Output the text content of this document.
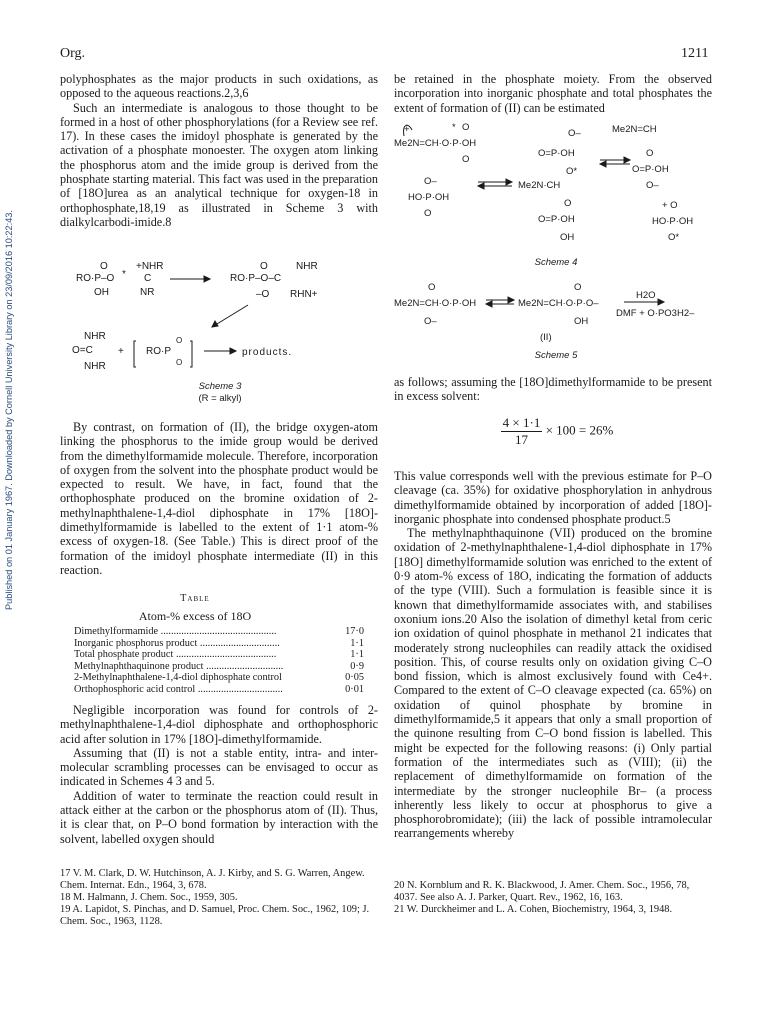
Org.	1211
Published on 01 January 1967. Downloaded by Cornell University Library on 23/09/2016 10:22:43.

polyphosphates as the major products in such oxidations, as opposed to the aqueous reactions.2,3,6

Such an intermediate is analogous to those thought to be formed in a host of other phosphorylations (for a Review see ref. 17). In these cases the imidoyl phosphate is generated by the activation of a phosphate monoester. The oxygen atom linking the phosphorus atom and the imide group is derived from the phosphate starting material. This fact was used in the preparation of [18O]urea as an analytical technique for oxygen-18 in orthophosphate,18,19 as illustrated in Scheme 3 with dialkylcarbodi-imide.8

O
RO·P–O *
OH
+NHR
C
NR
O	NHR
RO·P–O–C
–O RHN+
NHR
O=C
NHR
+ RO·P
O
O
products.
Scheme 3
(R = alkyl)

By contrast, on formation of (II), the bridge oxygen-atom linking the phosphorus to the imide group would be derived from the dimethylformamide molecule. Therefore, incorporation of oxygen from the solvent into the phosphate product would be expected to result. We have, in fact, found that the orthophosphate produced on the bromine oxidation of 2-methylnaphthalene-1,4-diol diphosphate in 17% [18O]-dimethylformamide is labelled to the extent of 1·1 atom-% excess of oxygen-18. (See Table.) This is direct proof of the formation of the imidoyl phosphate intermediate (II) in this reaction.

Table
Atom-% excess of 18O
Dimethylformamide .............................................	17·0
Inorganic phosphorus product ...............................	1·1
Total phosphate product .......................................	1·1
Methylnaphthaquinone product ..............................	0·9
2-Methylnaphthalene-1,4-diol diphosphate control	0·05
Orthophosphoric acid control .................................	0·01

Negligible incorporation was found for controls of 2-methylnaphthalene-1,4-diol diphosphate and orthophosphoric acid after solution in 17% [18O]-dimethylformamide.

Assuming that (II) is not a stable entity, intra- and inter-molecular scrambling processes can be envisaged to occur as indicated in Schemes 4 3 and 5.

Addition of water to terminate the reaction could result in attack either at the carbon or the phosphorus atom of (II). Thus, it is clear that, on P–O bond formation by interaction with the solvent, labelled oxygen should

17 V. M. Clark, D. W. Hutchinson, A. J. Kirby, and S. G. Warren, Angew. Chem. Internat. Edn., 1964, 3, 678.

18 M. Halmann, J. Chem. Soc., 1959, 305.

19 A. Lapidot, S. Pinchas, and D. Samuel, Proc. Chem. Soc., 1962, 109; J. Chem. Soc., 1963, 1128.

be retained in the phosphate moiety. From the observed incorporation into inorganic phosphate and total phosphates the extent of formation of (II) can be estimated

+	* O
Me2N=CH·O·P·OH
O
O–
O=P·OH
O*
Me2N=CH
O
O=P·OH
O–
O–
HO·P·OH
O
Me2N·CH
O
O=P·OH
OH
+ O
HO·P·OH
O*
Scheme 4
O
Me2N=CH·O·P·OH
O–
O
Me2N=CH·O·P·O–
OH
H2O
DMF + O·PO3H2–
(II)
Scheme 5

as follows; assuming the [18O]dimethylformamide to be present in excess solvent:

$\frac{4 \times 1\cdot 1}{17} \times 100 = 26\%$

This value corresponds well with the previous estimate for P–O cleavage (ca. 35%) for oxidative phosphorylation in anhydrous dimethylformamide obtained by incorporation of added [18O]-inorganic phosphate into condensed phosphate product.5

The methylnaphthaquinone (VII) produced on the bromine oxidation of 2-methylnaphthalene-1,4-diol diphosphate in 17% [18O] dimethylformamide solution was enriched to the extent of 0·9 atom-% excess of 18O, indicating the formation of adducts of the type (VIII). Such a formulation is feasible since it is known that dimethylformamide associates with, and stabilises oxonium ions.20 Also the isolation of dimethyl ketal from ceric ion oxidation of quinol phosphate in methanol 21 indicates that moderately strong nucleophiles can readily attack the oxidised position. This, of course results only on oxidation giving C–O bond fission, which is almost exclusively found with Ce4+. Compared to the extent of C–O cleavage expected (ca. 65%) on oxidation of quinol phosphate by bromine in dimethylformamide,5 it appears that only a small proportion of the quinone resulting from C–O bond fission is labelled. This might be expected for the following reasons: (i) Only partial formation of the intermediates such as (VIII); (ii) the replacement of dimethylformamide on formation of the intermediate by the stronger nucleophile Br– (a process inherently less likely to occur at phosphorus to give a phosphorobromidate); (iii) the lack of possible intramolecular rearrangements whereby

20 N. Kornblum and R. K. Blackwood, J. Amer. Chem. Soc., 1956, 78, 4037. See also A. J. Parker, Quart. Rev., 1962, 16, 163.

21 W. Durckheimer and L. A. Cohen, Biochemistry, 1964, 3, 1948.
